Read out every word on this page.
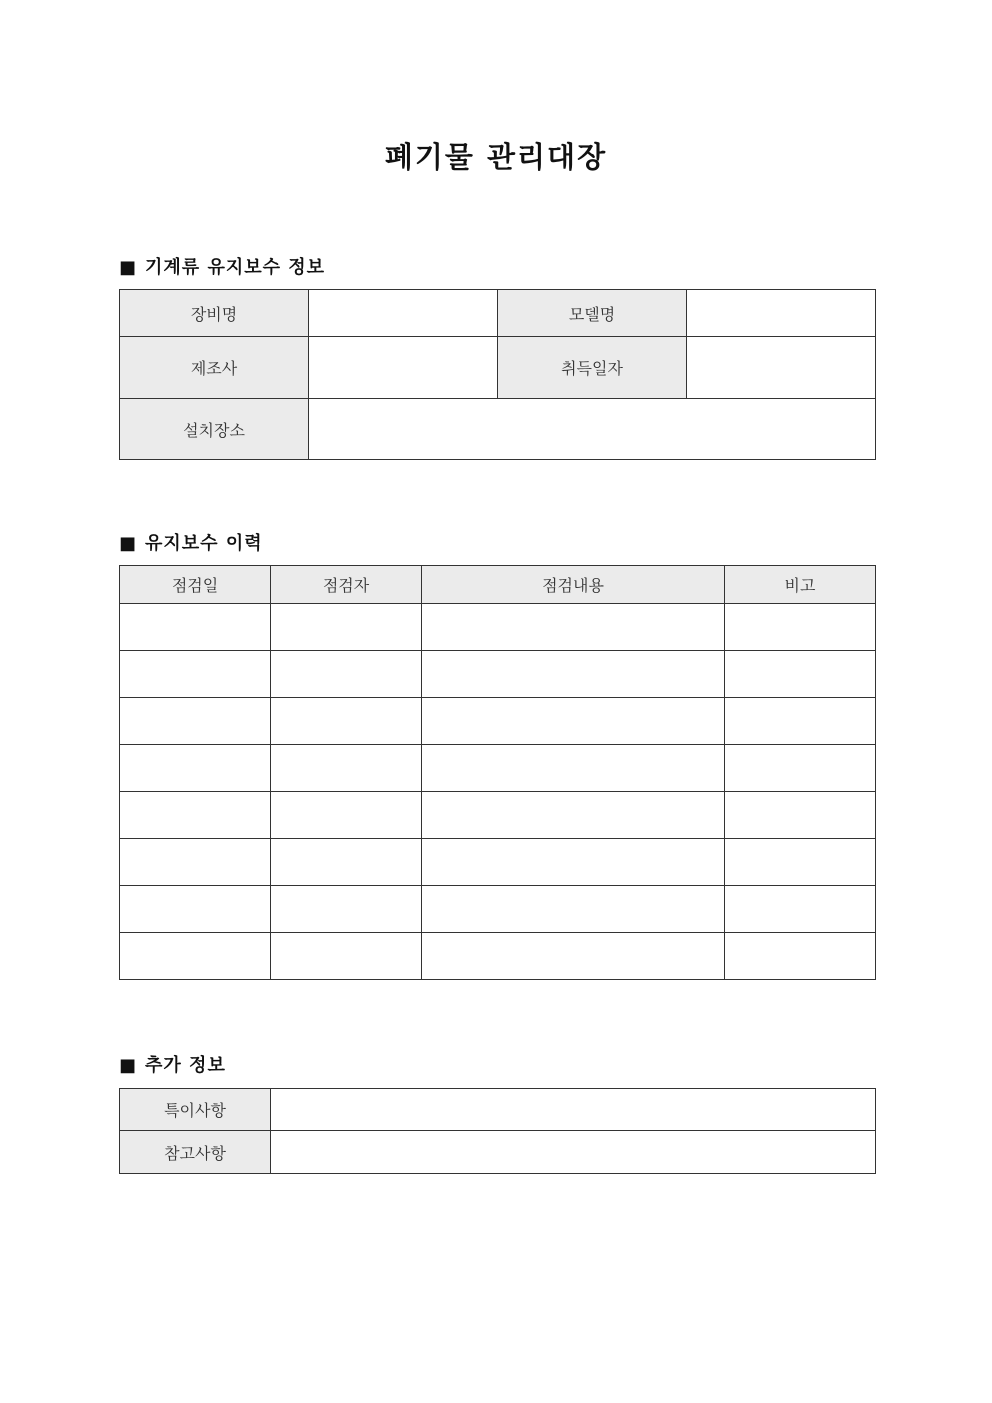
폐기물 관리대장
■ 기계류 유지보수 정보
장비명		모델명	
제조사		취득일자	
설치장소			
■ 유지보수 이력
점검일	점검자	점검내용	비고

■ 추가 정보
특이사항	
참고사항	
